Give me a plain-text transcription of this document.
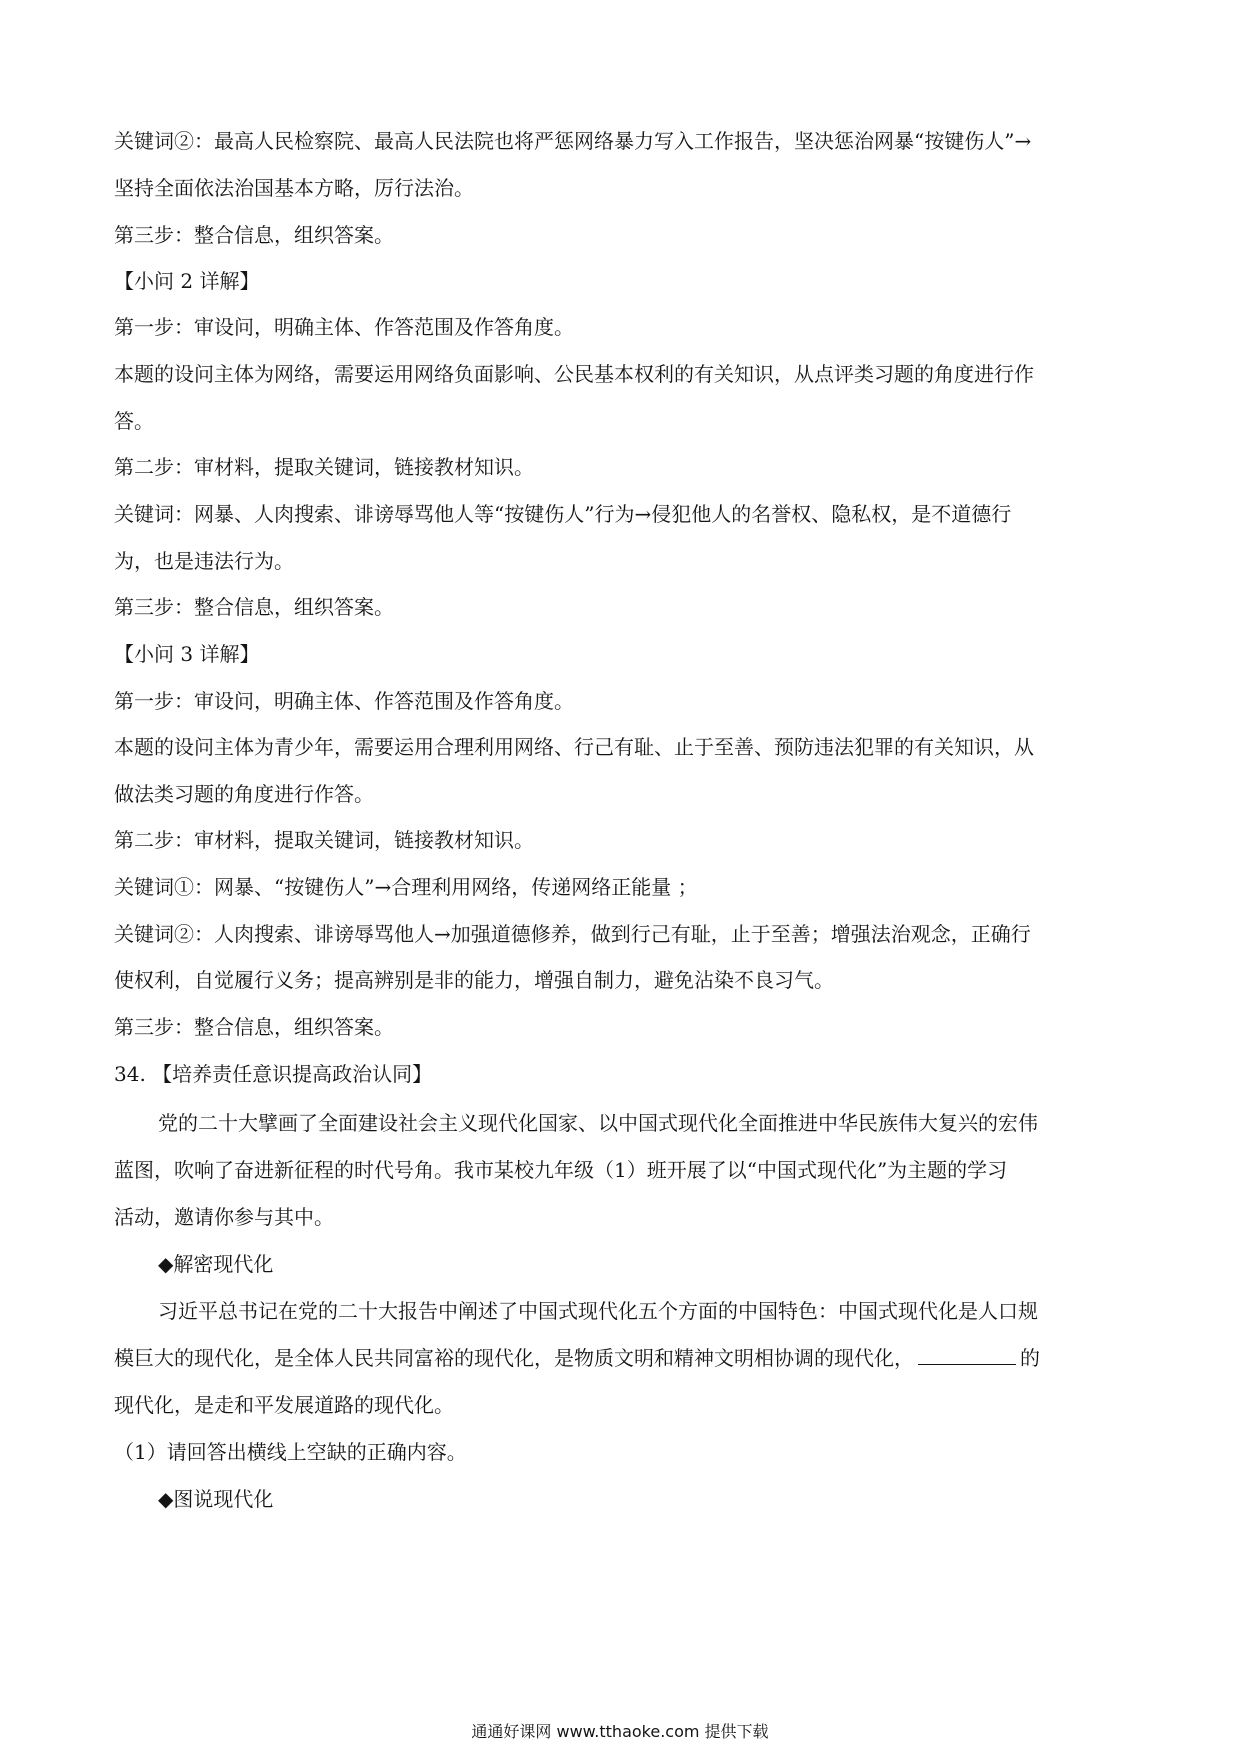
关键词②：最高人民检察院、最高人民法院也将严惩网络暴力写入工作报告，坚决惩治网暴“按键伤人”→
坚持全面依法治国基本方略，厉行法治。
第三步：整合信息，组织答案。
【小问 2 详解】
第一步：审设问，明确主体、作答范围及作答角度。
本题的设问主体为网络，需要运用网络负面影响、公民基本权利的有关知识，从点评类习题的角度进行作
答。
第二步：审材料，提取关键词，链接教材知识。
关键词：网暴、人肉搜索、诽谤辱骂他人等“按键伤人”行为→侵犯他人的名誉权、隐私权，是不道德行
为，也是违法行为。
第三步：整合信息，组织答案。
【小问 3 详解】
第一步：审设问，明确主体、作答范围及作答角度。
本题的设问主体为青少年，需要运用合理利用网络、行己有耻、止于至善、预防违法犯罪的有关知识，从
做法类习题的角度进行作答。
第二步：审材料，提取关键词，链接教材知识。
关键词①：网暴、“按键伤人”→合理利用网络，传递网络正能量 ；
关键词②：人肉搜索、诽谤辱骂他人→加强道德修养，做到行己有耻，止于至善；增强法治观念，正确行
使权利，自觉履行义务；提高辨别是非的能力，增强自制力，避免沾染不良习气。
第三步：整合信息，组织答案。
34. 【培养责任意识提高政治认同】
党的二十大擘画了全面建设社会主义现代化国家、以中国式现代化全面推进中华民族伟大复兴的宏伟
蓝图，吹响了奋进新征程的时代号角。我市某校九年级（1）班开展了以“中国式现代化”为主题的学习
活动，邀请你参与其中。
◆解密现代化
习近平总书记在党的二十大报告中阐述了中国式现代化五个方面的中国特色：中国式现代化是人口规
模巨大的现代化，是全体人民共同富裕的现代化，是物质文明和精神文明相协调的现代化，	的
现代化，是走和平发展道路的现代化。
（1）请回答出横线上空缺的正确内容。
◆图说现代化
通通好课网 www.tthaoke.com 提供下载
